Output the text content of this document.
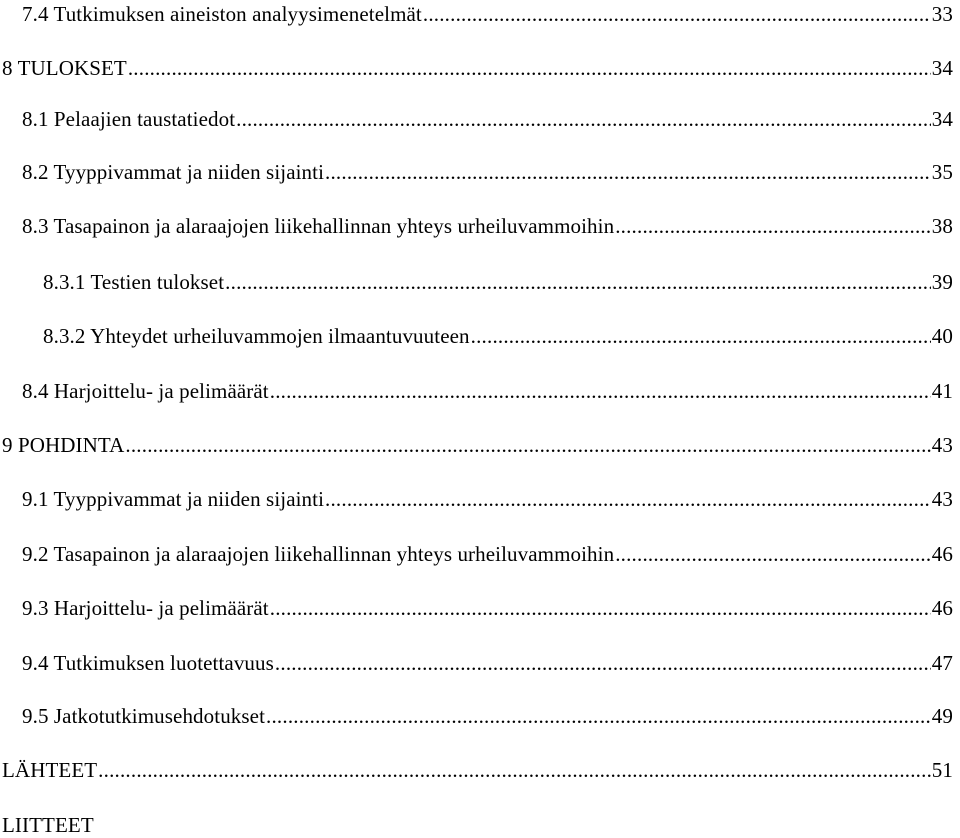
7.4 Tutkimuksen aineiston analyysimenetelmät .....	33
8 TULOKSET .....	34
8.1 Pelaajien taustatiedot .....	34
8.2 Tyyppivammat ja niiden sijainti .....	35
8.3 Tasapainon ja alaraajojen liikehallinnan yhteys urheiluvammoihin .....	38
8.3.1 Testien tulokset .....	39
8.3.2 Yhteydet urheiluvammojen ilmaantuvuuteen .....	40
8.4 Harjoittelu- ja pelimäärät .....	41
9 POHDINTA .....	43
9.1 Tyyppivammat ja niiden sijainti .....	43
9.2 Tasapainon ja alaraajojen liikehallinnan yhteys urheiluvammoihin .....	46
9.3 Harjoittelu- ja pelimäärät .....	46
9.4 Tutkimuksen luotettavuus .....	47
9.5 Jatkotutkimusehdotukset .....	49
LÄHTEET .....	51
LIITTEET
